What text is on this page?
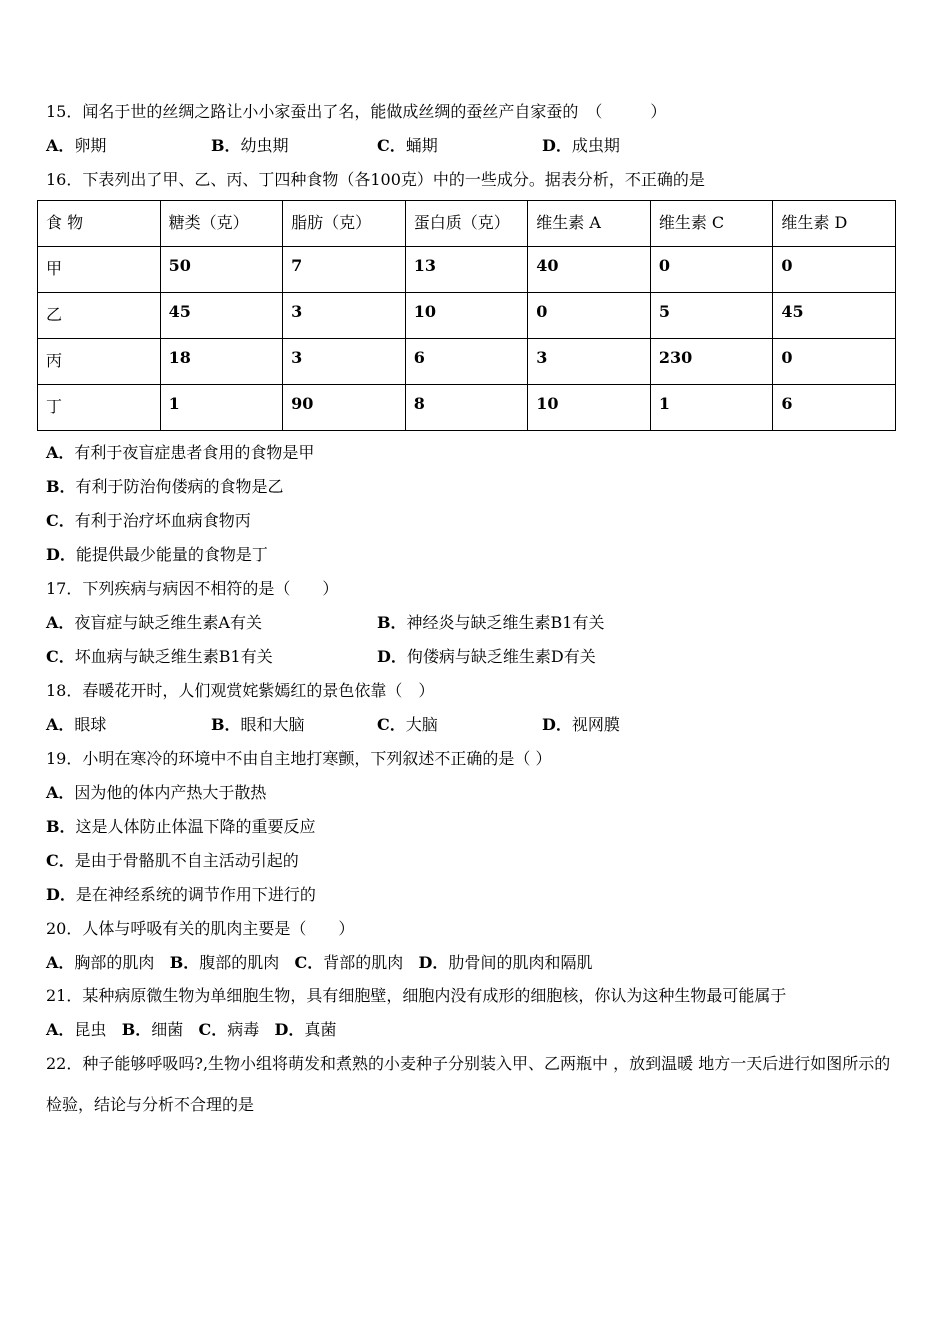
15．闻名于世的丝绸之路让小小家蚕出了名，能做成丝绸的蚕丝产自家蚕的　（　　　）
A．卵期	B．幼虫期	C．蛹期	D．成虫期
16．下表列出了甲、乙、丙、丁四种食物（各100克）中的一些成分。据表分析，不正确的是
食 物	糖类（克）	脂肪（克）	蛋白质（克）	维生素 A	维生素 C	维生素 D
甲	50	7	13	40	0	0
乙	45	3	10	0	5	45
丙	18	3	6	3	230	0
丁	1	90	8	10	1	6
A．有利于夜盲症患者食用的食物是甲
B．有利于防治佝偻病的食物是乙
C．有利于治疗坏血病食物丙
D．能提供最少能量的食物是丁
17．下列疾病与病因不相符的是（　　）
A．夜盲症与缺乏维生素A有关	B．神经炎与缺乏维生素B1有关
C．坏血病与缺乏维生素B1有关	D．佝偻病与缺乏维生素D有关
18．春暖花开时，人们观赏姹紫嫣红的景色依靠（　）
A．眼球	B．眼和大脑	C．大脑	D．视网膜
19．小明在寒冷的环境中不由自主地打寒颤，下列叙述不正确的是（ ）
A．因为他的体内产热大于散热
B．这是人体防止体温下降的重要反应
C．是由于骨骼肌不自主活动引起的
D．是在神经系统的调节作用下进行的
20．人体与呼吸有关的肌肉主要是（　　）
A．胸部的肌肉 B．腹部的肌肉 C．背部的肌肉 D．肋骨间的肌肉和隔肌
21．某种病原微生物为单细胞生物，具有细胞壁，细胞内没有成形的细胞核，你认为这种生物最可能属于
A．昆虫 B．细菌 C．病毒 D．真菌
22．种子能够呼吸吗?,生物小组将萌发和煮熟的小麦种子分别装入甲、乙两瓶中 ，放到温暖 地方一天后进行如图所示的检验，结论与分析不合理的是
